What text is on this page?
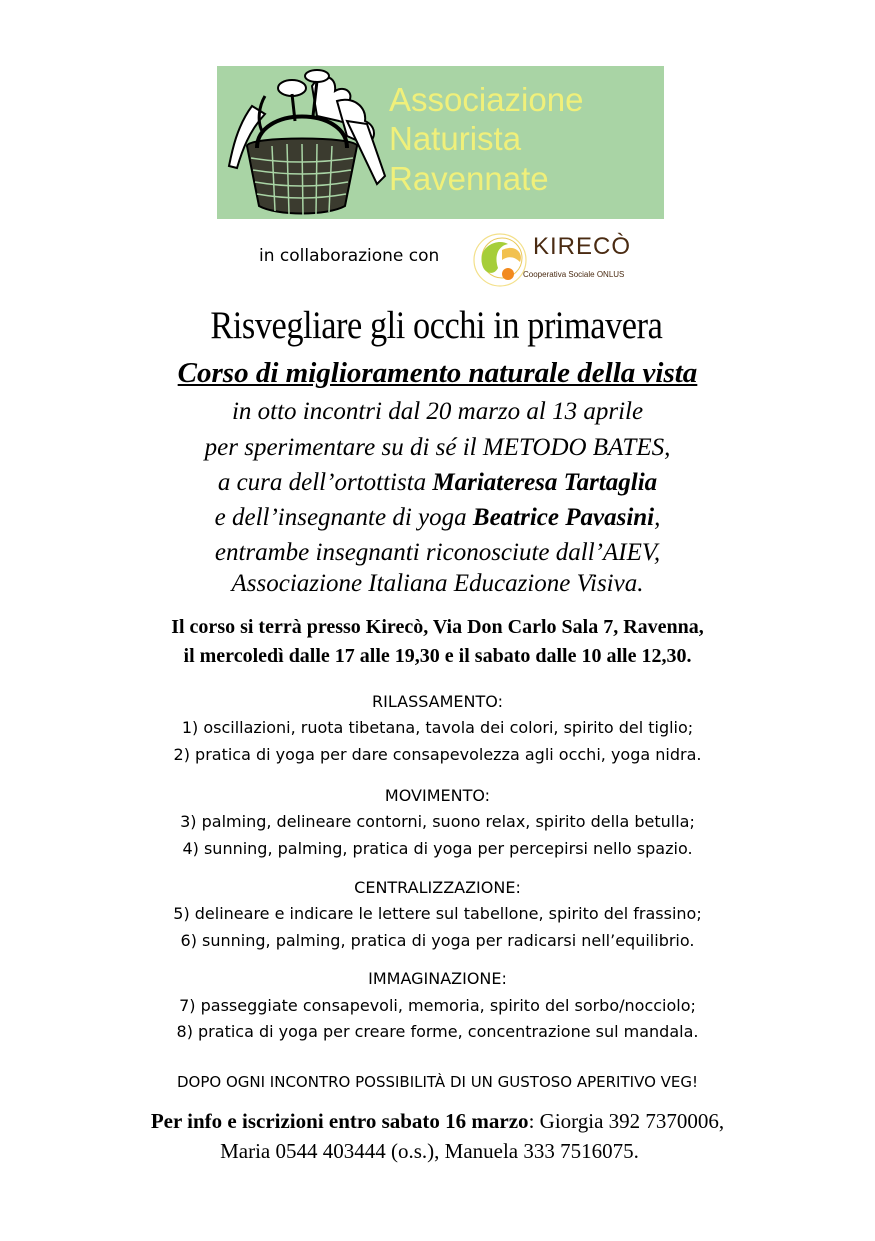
Associazione
Naturista
Ravennate
in collaborazione con	KIRECÒ
Cooperativa Sociale ONLUS
Risvegliare gli occhi in primavera
Corso di miglioramento naturale della vista
in otto incontri dal 20 marzo al 13 aprile
per sperimentare su di sé il METODO BATES,
a cura dell’ortottista Mariateresa Tartaglia
e dell’insegnante di yoga Beatrice Pavasini,
entrambe insegnanti riconosciute dall’AIEV,
Associazione Italiana Educazione Visiva.
Il corso si terrà presso Kirecò, Via Don Carlo Sala 7, Ravenna,
il mercoledì dalle 17 alle 19,30 e il sabato dalle 10 alle 12,30.
RILASSAMENTO:
1) oscillazioni, ruota tibetana, tavola dei colori, spirito del tiglio;
2) pratica di yoga per dare consapevolezza agli occhi, yoga nidra.
MOVIMENTO:
3) palming, delineare contorni, suono relax, spirito della betulla;
4) sunning, palming, pratica di yoga per percepirsi nello spazio.
CENTRALIZZAZIONE:
5) delineare e indicare le lettere sul tabellone, spirito del frassino;
6) sunning, palming, pratica di yoga per radicarsi nell’equilibrio.
IMMAGINAZIONE:
7) passeggiate consapevoli, memoria, spirito del sorbo/nocciolo;
8) pratica di yoga per creare forme, concentrazione sul mandala.
DOPO OGNI INCONTRO POSSIBILITÀ DI UN GUSTOSO APERITIVO VEG!
Per info e iscrizioni entro sabato 16 marzo: Giorgia 392 7370006,
Maria 0544 403444 (o.s.), Manuela 333 7516075.
